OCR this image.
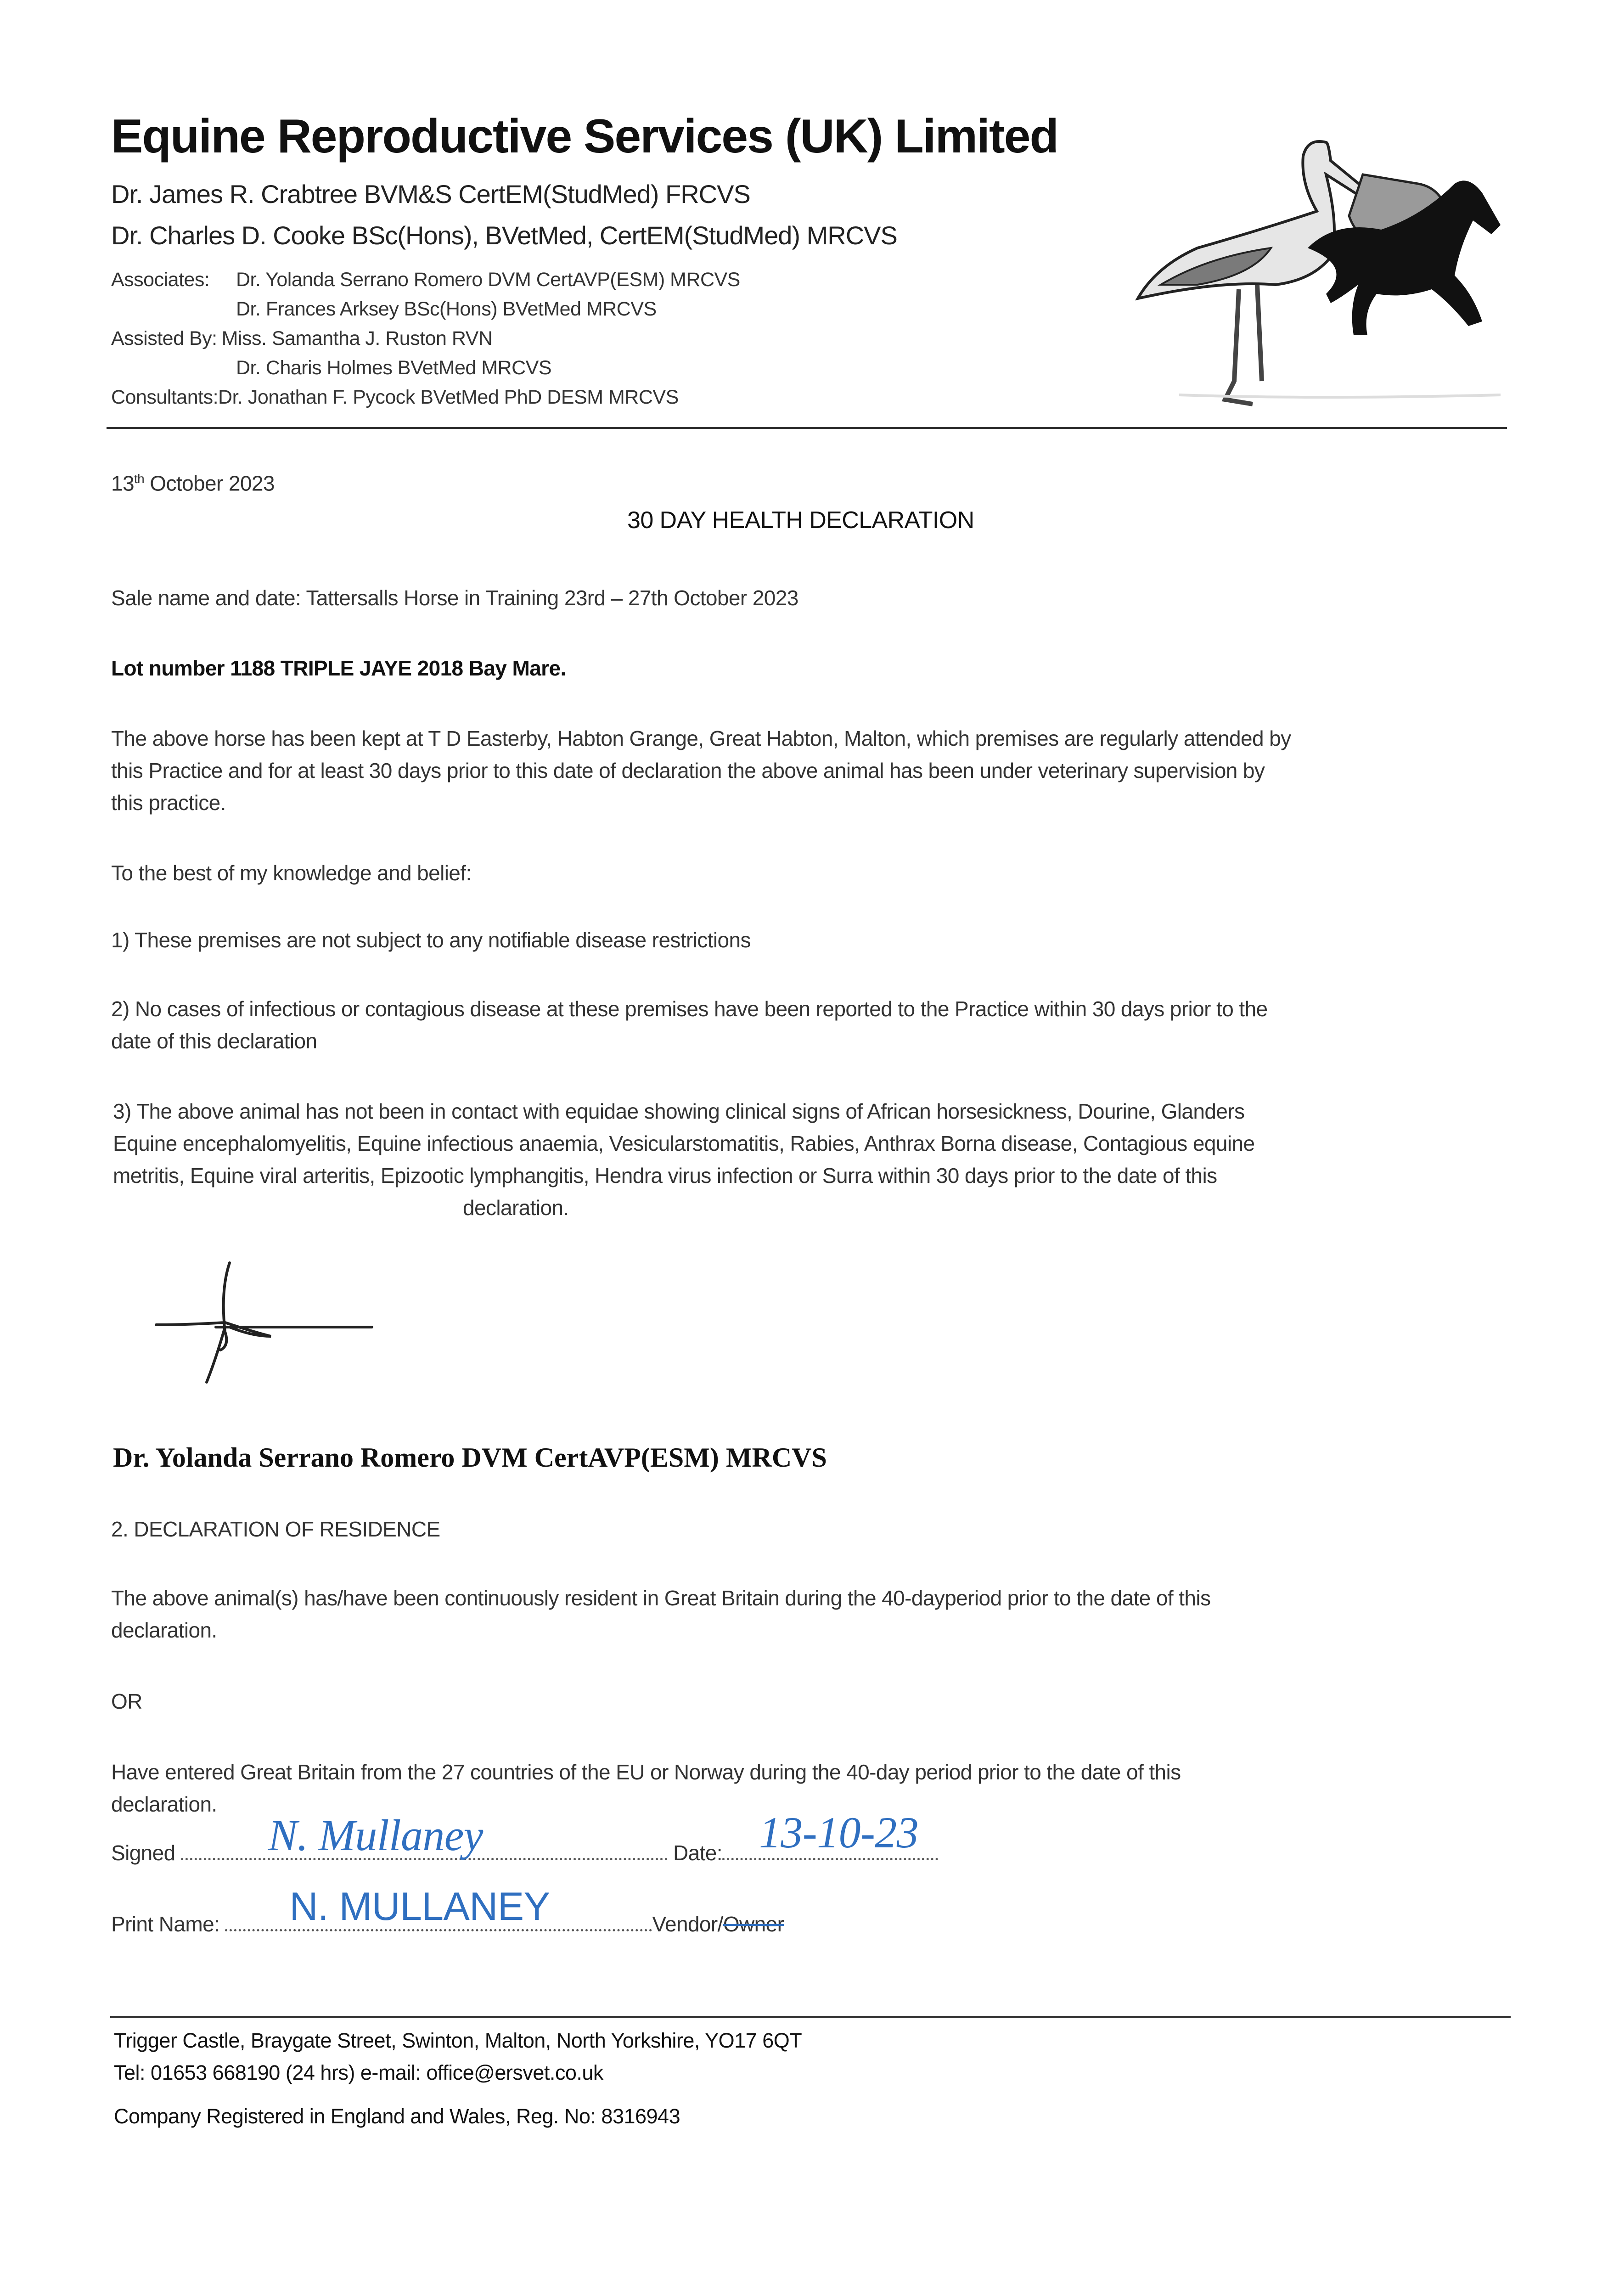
Equine Reproductive Services (UK) Limited
Dr. James R. Crabtree BVM&S CertEM(StudMed) FRCVS
Dr. Charles D. Cooke BSc(Hons), BVetMed, CertEM(StudMed) MRCVS
Associates: Dr. Yolanda Serrano Romero DVM CertAVP(ESM) MRCVS
Dr. Frances Arksey BSc(Hons) BVetMed MRCVS
Assisted By: Miss. Samantha J. Ruston RVN
Dr. Charis Holmes BVetMed MRCVS
Consultants:Dr. Jonathan F. Pycock BVetMed PhD DESM MRCVS
13th October 2023
30 DAY HEALTH DECLARATION
Sale name and date: Tattersalls Horse in Training 23rd – 27th October 2023
Lot number 1188 TRIPLE JAYE 2018 Bay Mare.
The above horse has been kept at T D Easterby, Habton Grange, Great Habton, Malton, which premises are regularly attended by
this Practice and for at least 30 days prior to this date of declaration the above animal has been under veterinary supervision by
this practice.
To the best of my knowledge and belief:
1) These premises are not subject to any notifiable disease restrictions
2) No cases of infectious or contagious disease at these premises have been reported to the Practice within 30 days prior to the
date of this declaration
3) The above animal has not been in contact with equidae showing clinical signs of African horsesickness, Dourine, Glanders
Equine encephalomyelitis, Equine infectious anaemia, Vesicularstomatitis, Rabies, Anthrax Borna disease, Contagious equine
metritis, Equine viral arteritis, Epizootic lymphangitis, Hendra virus infection or Surra within 30 days prior to the date of this
declaration.
Dr. Yolanda Serrano Romero DVM CertAVP(ESM) MRCVS
2. DECLARATION OF RESIDENCE
The above animal(s) has/have been continuously resident in Great Britain during the 40-dayperiod prior to the date of this
declaration.
OR
Have entered Great Britain from the 27 countries of the EU or Norway during the 40-day period prior to the date of this
declaration.
Signed N. Mullaney	Date: 13-10-23
Print Name: N. MULLANEY	Vendor/Owner
Trigger Castle, Braygate Street, Swinton, Malton, North Yorkshire, YO17 6QT
Tel: 01653 668190 (24 hrs) e-mail: office@ersvet.co.uk
Company Registered in England and Wales, Reg. No: 8316943
